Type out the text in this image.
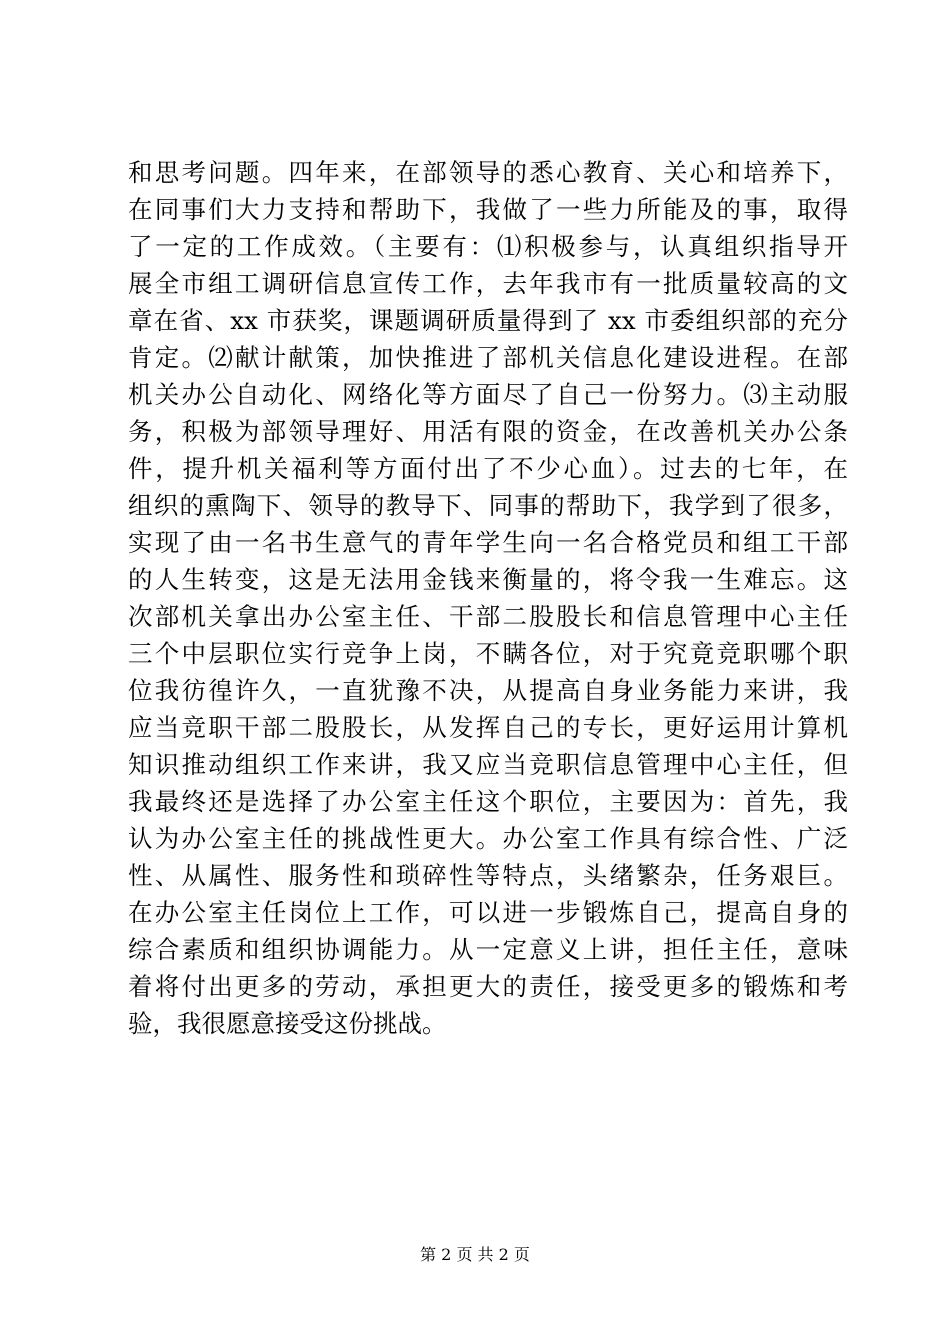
和思考问题。四年来，在部领导的悉心教育、关心和培养下，
在同事们大力支持和帮助下，我做了一些力所能及的事，取得
了一定的工作成效。（主要有：⑴积极参与，认真组织指导开
展全市组工调研信息宣传工作，去年我市有一批质量较高的文
章在省、xx 市获奖，课题调研质量得到了 xx 市委组织部的充分
肯定。⑵献计献策，加快推进了部机关信息化建设进程。在部
机关办公自动化、网络化等方面尽了自己一份努力。⑶主动服
务，积极为部领导理好、用活有限的资金，在改善机关办公条
件，提升机关福利等方面付出了不少心血）。过去的七年，在
组织的熏陶下、领导的教导下、同事的帮助下，我学到了很多，
实现了由一名书生意气的青年学生向一名合格党员和组工干部
的人生转变，这是无法用金钱来衡量的，将令我一生难忘。这
次部机关拿出办公室主任、干部二股股长和信息管理中心主任
三个中层职位实行竞争上岗，不瞒各位，对于究竟竞职哪个职
位我彷徨许久，一直犹豫不决，从提高自身业务能力来讲，我
应当竞职干部二股股长，从发挥自己的专长，更好运用计算机
知识推动组织工作来讲，我又应当竞职信息管理中心主任，但
我最终还是选择了办公室主任这个职位，主要因为：首先，我
认为办公室主任的挑战性更大。办公室工作具有综合性、广泛
性、从属性、服务性和琐碎性等特点，头绪繁杂，任务艰巨。
在办公室主任岗位上工作，可以进一步锻炼自己，提高自身的
综合素质和组织协调能力。从一定意义上讲，担任主任，意味
着将付出更多的劳动，承担更大的责任，接受更多的锻炼和考
验，我很愿意接受这份挑战。
第 2 页 共 2 页
